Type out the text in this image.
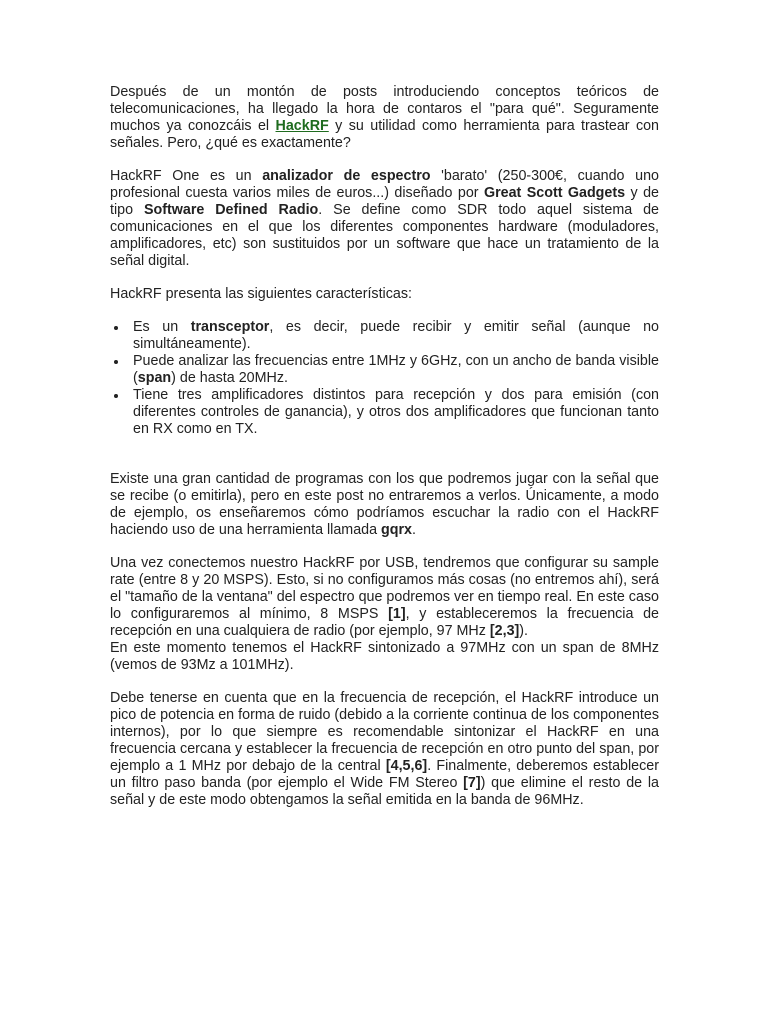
Después de un montón de posts introduciendo conceptos teóricos de telecomunicaciones, ha llegado la hora de contaros el "para qué". Seguramente muchos ya conozcáis el HackRF y su utilidad como herramienta para trastear con señales. Pero, ¿qué es exactamente?

HackRF One es un analizador de espectro 'barato' (250-300€, cuando uno profesional cuesta varios miles de euros...) diseñado por Great Scott Gadgets y de tipo Software Defined Radio. Se define como SDR todo aquel sistema de comunicaciones en el que los diferentes componentes hardware (moduladores, amplificadores, etc) son sustituidos por un software que hace un tratamiento de la señal digital.

HackRF presenta las siguientes características:

Es un transceptor, es decir, puede recibir y emitir señal (aunque no simultáneamente).
Puede analizar las frecuencias entre 1MHz y 6GHz, con un ancho de banda visible (span) de hasta 20MHz.
Tiene tres amplificadores distintos para recepción y dos para emisión (con diferentes controles de ganancia), y otros dos amplificadores que funcionan tanto en RX como en TX.

Existe una gran cantidad de programas con los que podremos jugar con la señal que se recibe (o emitirla), pero en este post no entraremos a verlos. Únicamente, a modo de ejemplo, os enseñaremos cómo podríamos escuchar la radio con el HackRF haciendo uso de una herramienta llamada gqrx.

Una vez conectemos nuestro HackRF por USB, tendremos que configurar su sample rate (entre 8 y 20 MSPS). Esto, si no configuramos más cosas (no entremos ahí), será el "tamaño de la ventana" del espectro que podremos ver en tiempo real. En este caso lo configuraremos al mínimo, 8 MSPS [1], y estableceremos la frecuencia de recepción en una cualquiera de radio (por ejemplo, 97 MHz [2,3]).

En este momento tenemos el HackRF sintonizado a 97MHz con un span de 8MHz (vemos de 93Mz a 101MHz).

Debe tenerse en cuenta que en la frecuencia de recepción, el HackRF introduce un pico de potencia en forma de ruido (debido a la corriente continua de los componentes internos), por lo que siempre es recomendable sintonizar el HackRF en una frecuencia cercana y establecer la frecuencia de recepción en otro punto del span, por ejemplo a 1 MHz por debajo de la central [4,5,6]. Finalmente, deberemos establecer un filtro paso banda (por ejemplo el Wide FM Stereo [7]) que elimine el resto de la señal y de este modo obtengamos la señal emitida en la banda de 96MHz.
